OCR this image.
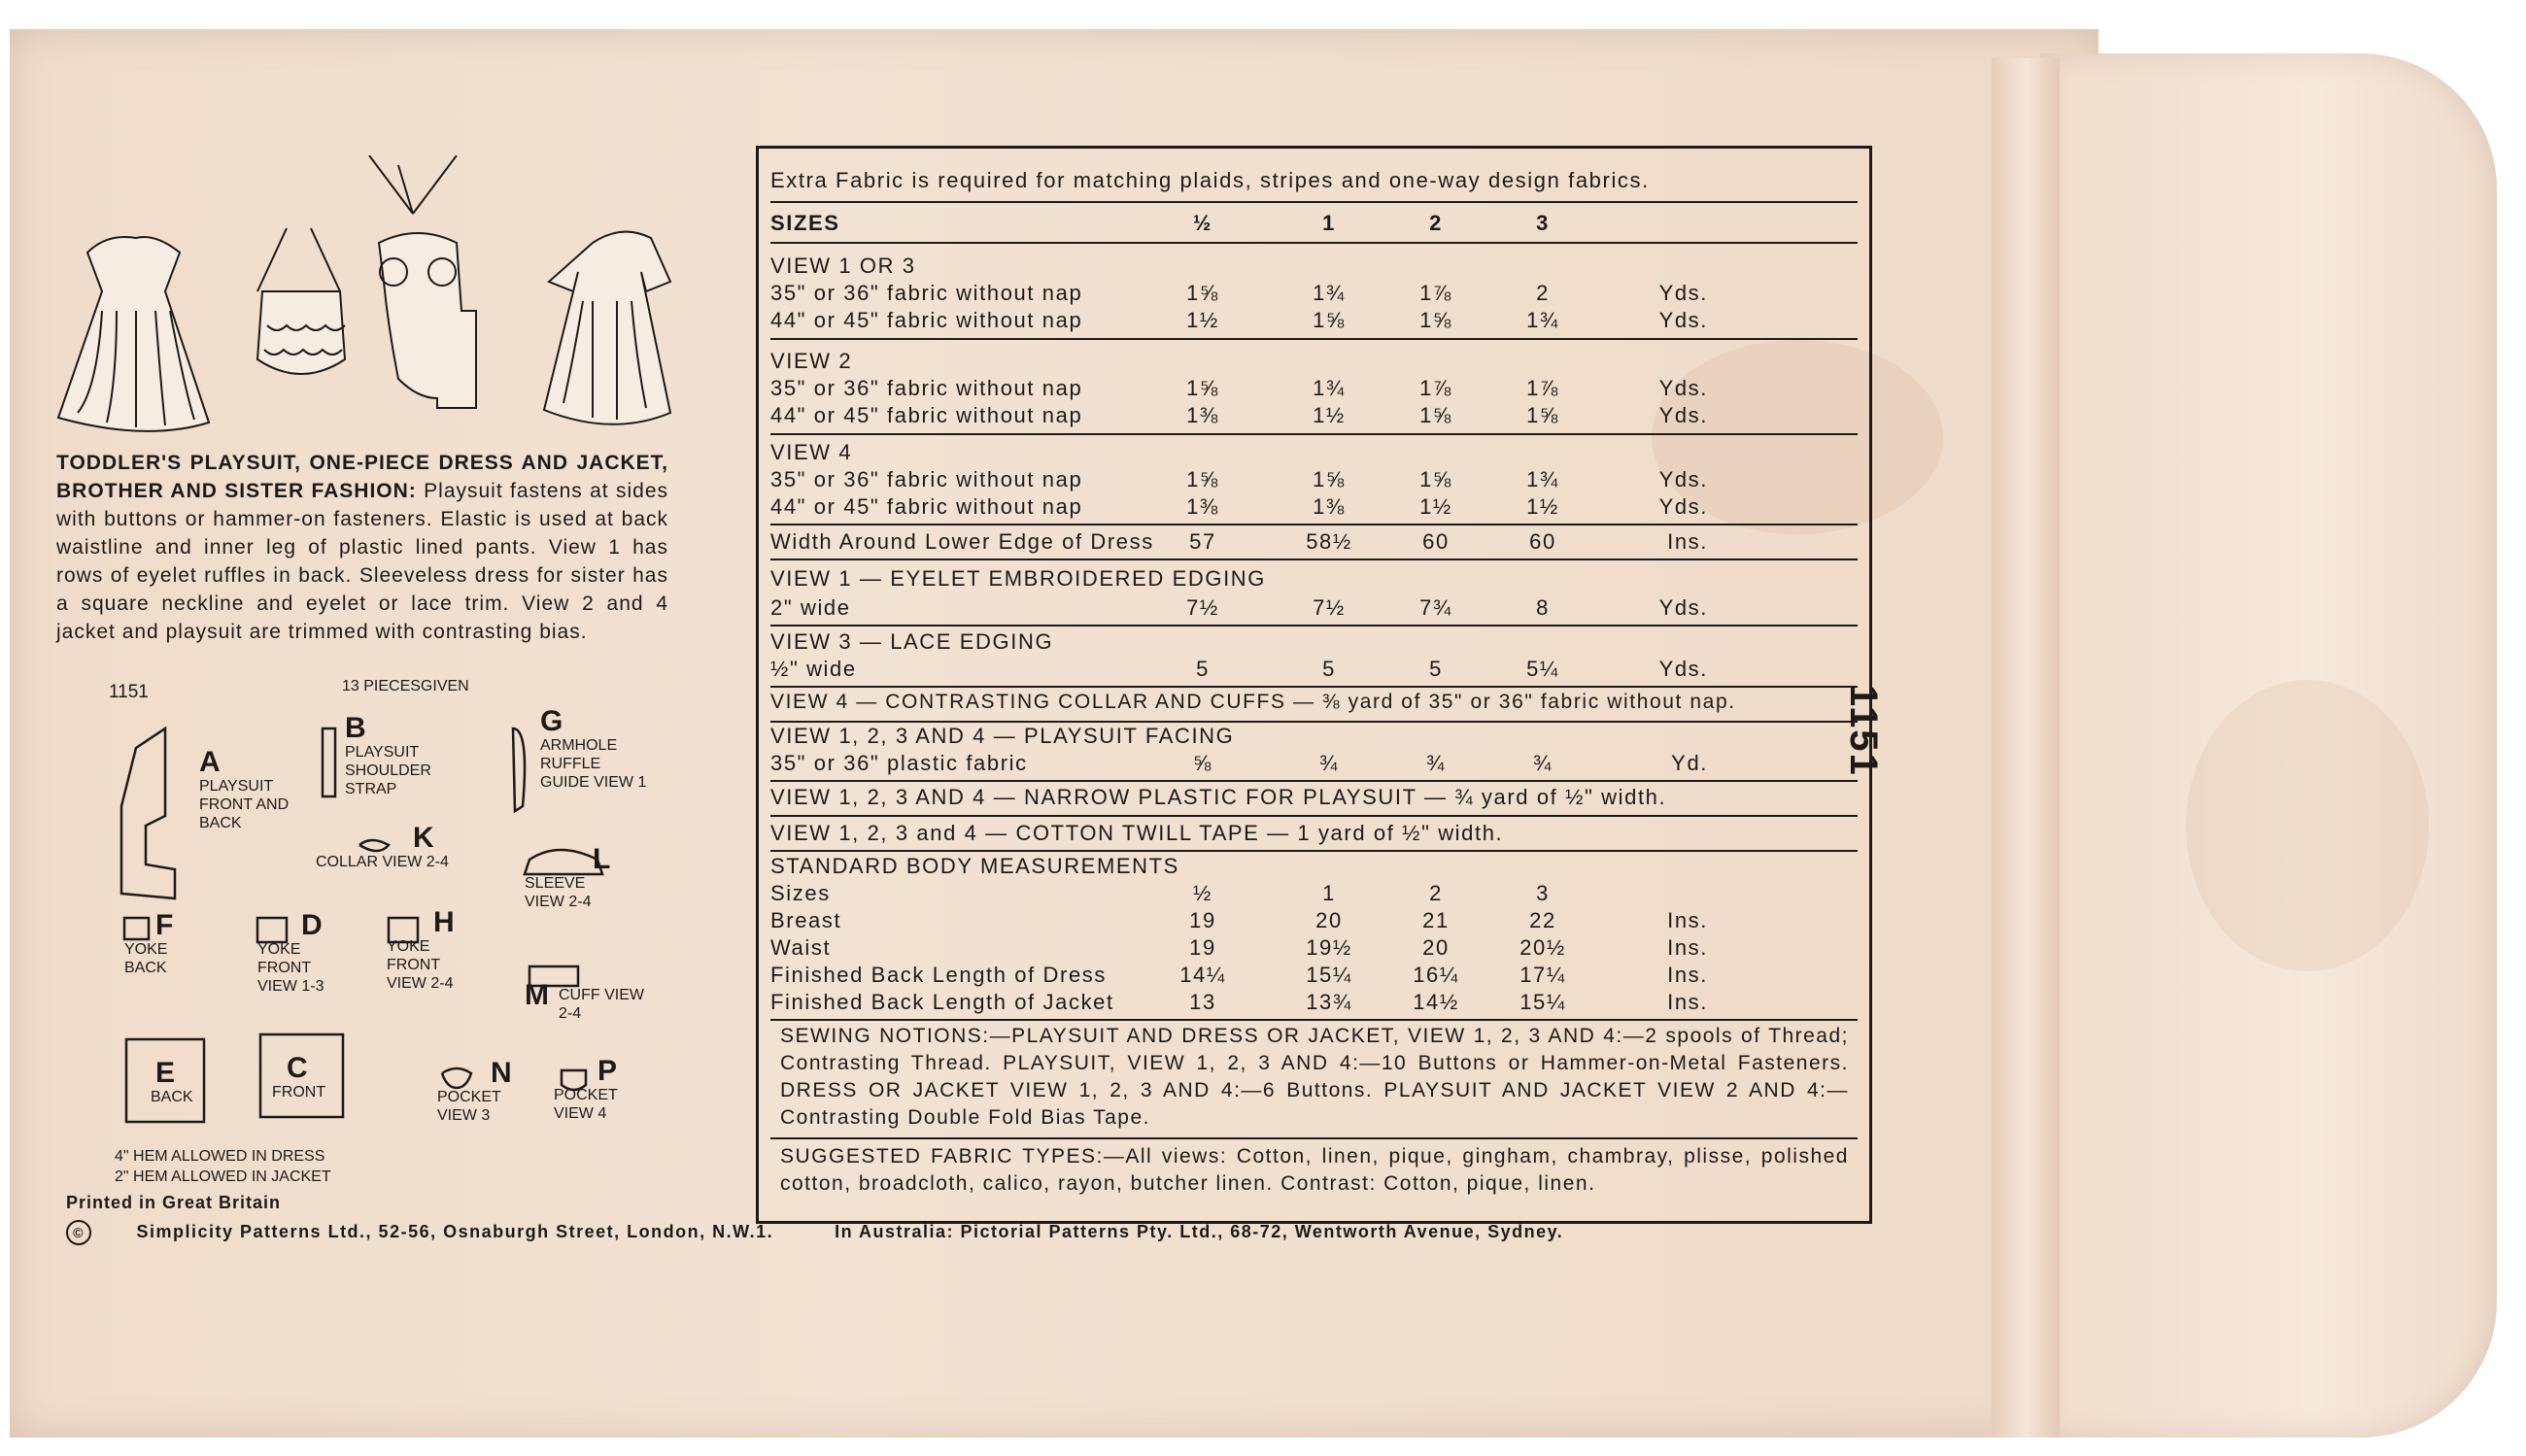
TODDLER'S PLAYSUIT, ONE-PIECE DRESS AND JACKET, BROTHER AND SISTER FASHION: Playsuit fastens at sides with buttons or hammer-on fasteners. Elastic is used at back waistline and inner leg of plastic lined pants. View 1 has rows of eyelet ruffles in back. Sleeveless dress for sister has a square neckline and eyelet or lace trim. View 2 and 4 jacket and playsuit are trimmed with contrasting bias.
1151	13 PIECESGIVEN
A
PLAYSUIT FRONT AND BACK
B
PLAYSUIT SHOULDER STRAP
G
ARMHOLE RUFFLE GUIDE VIEW 1
K
COLLAR VIEW 2-4	L
SLEEVE VIEW 2-4
F
YOKE BACK
D
YOKE FRONT VIEW 1-3
H
YOKE FRONT VIEW 2-4	M CUFF VIEW 2-4
E
BACK
C
FRONT
N
POCKET VIEW 3
P
POCKET VIEW 4
4" HEM ALLOWED IN DRESS
2" HEM ALLOWED IN JACKET
Printed in Great Britain
©	Simplicity Patterns Ltd., 52-56, Osnaburgh Street, London, N.W.1.	In Australia: Pictorial Patterns Pty. Ltd., 68-72, Wentworth Avenue, Sydney.
1151
Extra Fabric is required for matching plaids, stripes and one-way design fabrics.
SIZES	½	1	2	3
VIEW 1 OR 3
35" or 36" fabric without nap	1⅝	1¾	1⅞	2	Yds.
44" or 45" fabric without nap	1½	1⅝	1⅝	1¾	Yds.
VIEW 2
35" or 36" fabric without nap	1⅝	1¾	1⅞	1⅞	Yds.
44" or 45" fabric without nap	1⅜	1½	1⅝	1⅝	Yds.
VIEW 4
35" or 36" fabric without nap	1⅝	1⅝	1⅝	1¾	Yds.
44" or 45" fabric without nap	1⅜	1⅜	1½	1½	Yds.
Width Around Lower Edge of Dress	57	58½	60	60	Ins.
VIEW 1 — EYELET EMBROIDERED EDGING
2" wide	7½	7½	7¾	8	Yds.
VIEW 3 — LACE EDGING
½" wide	5	5	5	5¼	Yds.
VIEW 4 — CONTRASTING COLLAR AND CUFFS — ⅜ yard of 35" or 36" fabric without nap.
VIEW 1, 2, 3 AND 4 — PLAYSUIT FACING
35" or 36" plastic fabric	⅝	¾	¾	¾	Yd.
VIEW 1, 2, 3 AND 4 — NARROW PLASTIC FOR PLAYSUIT — ¾ yard of ½" width.
VIEW 1, 2, 3 and 4 — COTTON TWILL TAPE — 1 yard of ½" width.
STANDARD BODY MEASUREMENTS
Sizes	½	1	2	3
Breast	19	20	21	22	Ins.
Waist	19	19½	20	20½	Ins.
Finished Back Length of Dress	14¼	15¼	16¼	17¼	Ins.
Finished Back Length of Jacket	13	13¾	14½	15¼	Ins.
SEWING NOTIONS:—PLAYSUIT AND DRESS OR JACKET, VIEW 1, 2, 3 AND 4:—2 spools of Thread; Contrasting Thread. PLAYSUIT, VIEW 1, 2, 3 AND 4:—10 Buttons or Hammer-on-Metal Fasteners. DRESS OR JACKET VIEW 1, 2, 3 AND 4:—6 Buttons. PLAYSUIT AND JACKET VIEW 2 AND 4:—Contrasting Double Fold Bias Tape.
SUGGESTED FABRIC TYPES:—All views: Cotton, linen, pique, gingham, chambray, plisse, polished cotton, broadcloth, calico, rayon, butcher linen. Contrast: Cotton, pique, linen.
